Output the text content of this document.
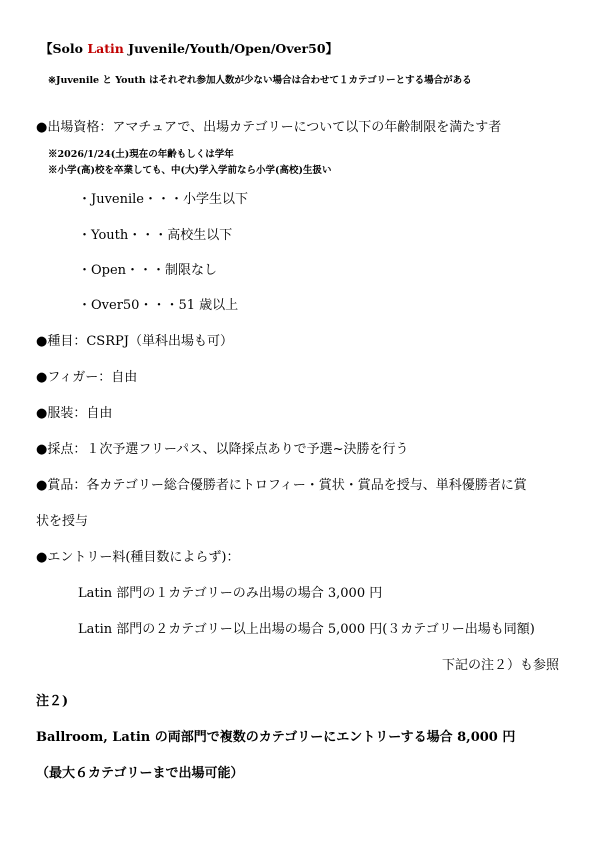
【Solo Latin Juvenile/Youth/Open/Over50】
※Juvenile と Youth はそれぞれ参加人数が少ない場合は合わせて１カテゴリーとする場合がある
●出場資格：アマチュアで、出場カテゴリーについて以下の年齢制限を満たす者
※2026/1/24(土)現在の年齢もしくは学年
※小学(高)校を卒業しても、中(大)学入学前なら小学(高校)生扱い
・Juvenile・・・小学生以下
・Youth・・・高校生以下
・Open・・・制限なし
・Over50・・・51 歳以上
●種目：CSRPJ（単科出場も可）
●フィガー：自由
●服装：自由
●採点：１次予選フリーパス、以降採点ありで予選~決勝を行う
●賞品：各カテゴリー総合優勝者にトロフィー・賞状・賞品を授与、単科優勝者に賞
状を授与
●エントリー料(種目数によらず)：
Latin 部門の１カテゴリーのみ出場の場合 3,000 円
Latin 部門の２カテゴリー以上出場の場合 5,000 円(３カテゴリー出場も同額)
下記の注２）も参照
注２)
Ballroom, Latin の両部門で複数のカテゴリーにエントリーする場合 8,000 円
（最大６カテゴリーまで出場可能）
